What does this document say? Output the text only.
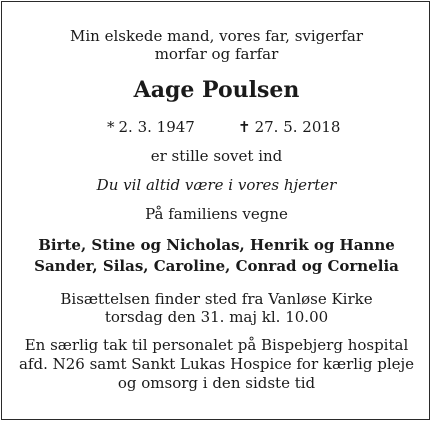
Min elskede mand, vores far, svigerfar
morfar og farfar
Aage Poulsen
* 2. 3. 1947	✝ 27. 5. 2018
er stille sovet ind
Du vil altid være i vores hjerter
På familiens vegne
Birte, Stine og Nicholas, Henrik og Hanne
Sander, Silas, Caroline, Conrad og Cornelia
Bisættelsen finder sted fra Vanløse Kirke
torsdag den 31. maj kl. 10.00
En særlig tak til personalet på Bispebjerg hospital
afd. N26 samt Sankt Lukas Hospice for kærlig pleje
og omsorg i den sidste tid
